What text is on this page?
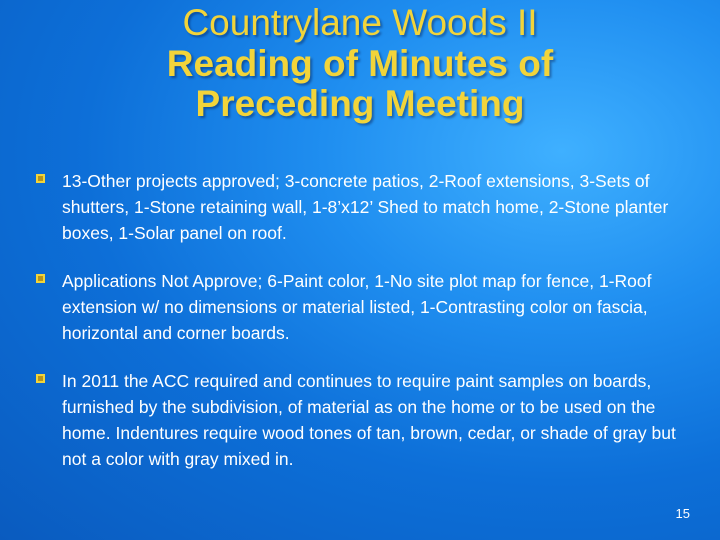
Countrylane Woods II
Reading of Minutes of
Preceding Meeting
13-Other projects approved; 3-concrete patios, 2-Roof extensions, 3-Sets of shutters, 1-Stone retaining wall, 1-8’x12’ Shed to match home, 2-Stone planter boxes, 1-Solar panel on roof.
Applications Not Approve; 6-Paint color, 1-No site plot map for fence, 1-Roof extension w/ no dimensions or material listed, 1-Contrasting color on fascia, horizontal and corner boards.
In 2011 the ACC required and continues to require paint samples on boards, furnished by the subdivision, of material as on the home or to be used on the home. Indentures require wood tones of tan, brown, cedar, or shade of gray but not a color with gray mixed in.
15
